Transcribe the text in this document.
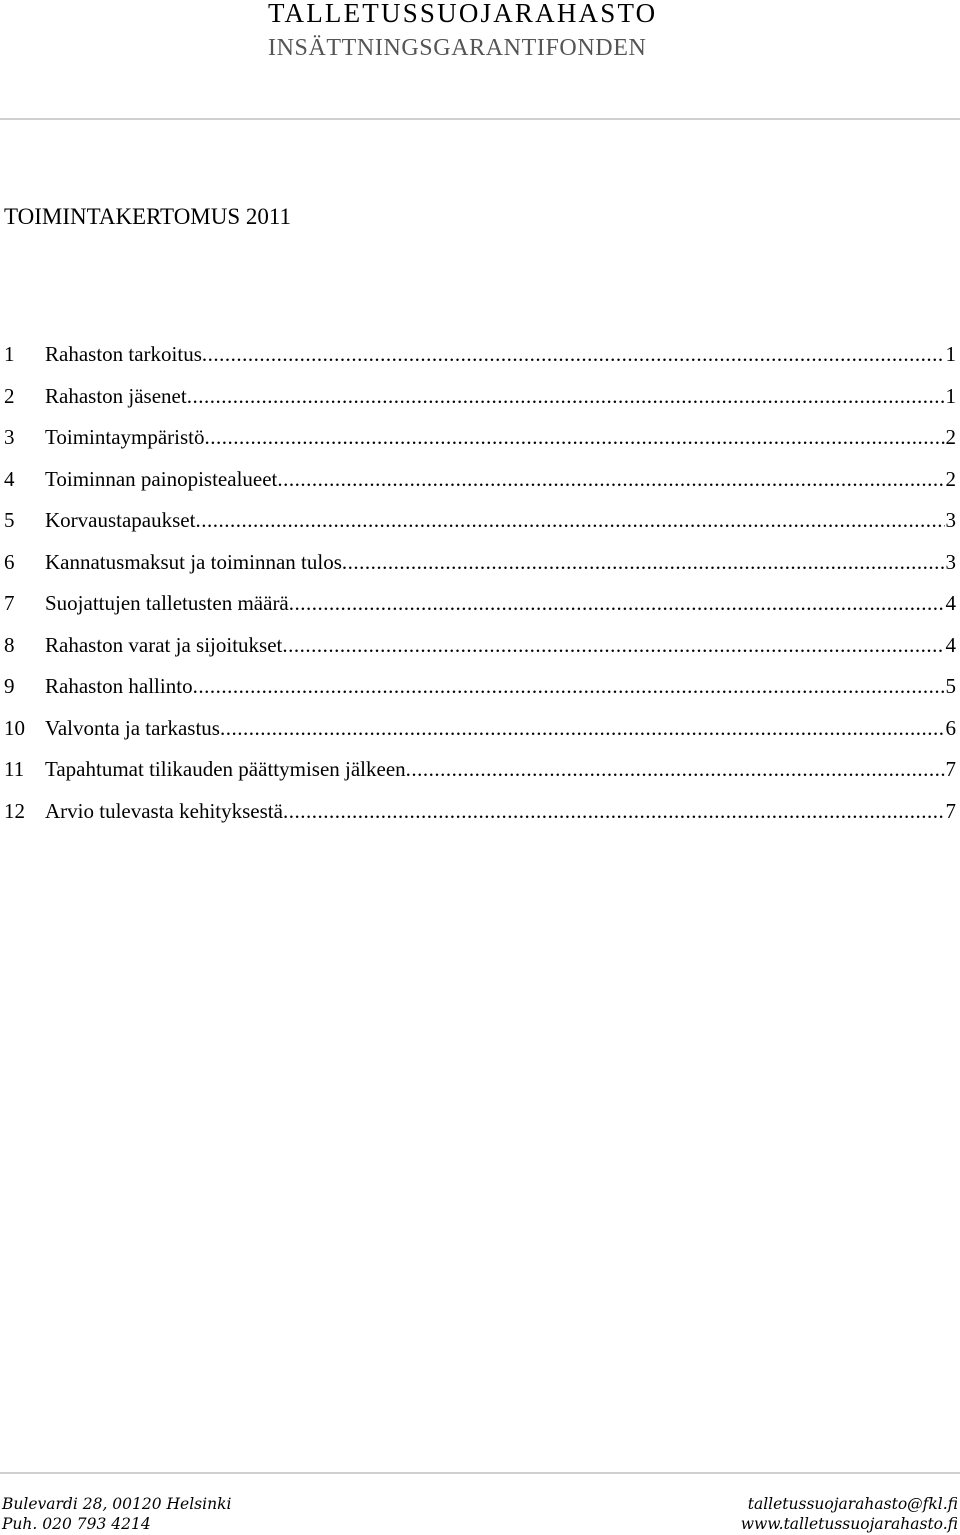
TALLETUSSUOJARAHASTO
INSÄTTNINGSGARANTIFONDEN
TOIMINTAKERTOMUS 2011
1	Rahaston tarkoitus .....	1
2	Rahaston jäsenet .....	1
3	Toimintaympäristö .....	2
4	Toiminnan painopistealueet .....	2
5	Korvaustapaukset .....	3
6	Kannatusmaksut ja toiminnan tulos .....	3
7	Suojattujen talletusten määrä .....	4
8	Rahaston varat ja sijoitukset .....	4
9	Rahaston hallinto .....	5
10 Valvonta ja tarkastus .....	6
11 Tapahtumat tilikauden päättymisen jälkeen .....	7
12 Arvio tulevasta kehityksestä .....	7
Bulevardi 28, 00120 Helsinki
Puh. 020 793 4214
talletussuojarahasto@fkl.fi
www.talletussuojarahasto.fi
